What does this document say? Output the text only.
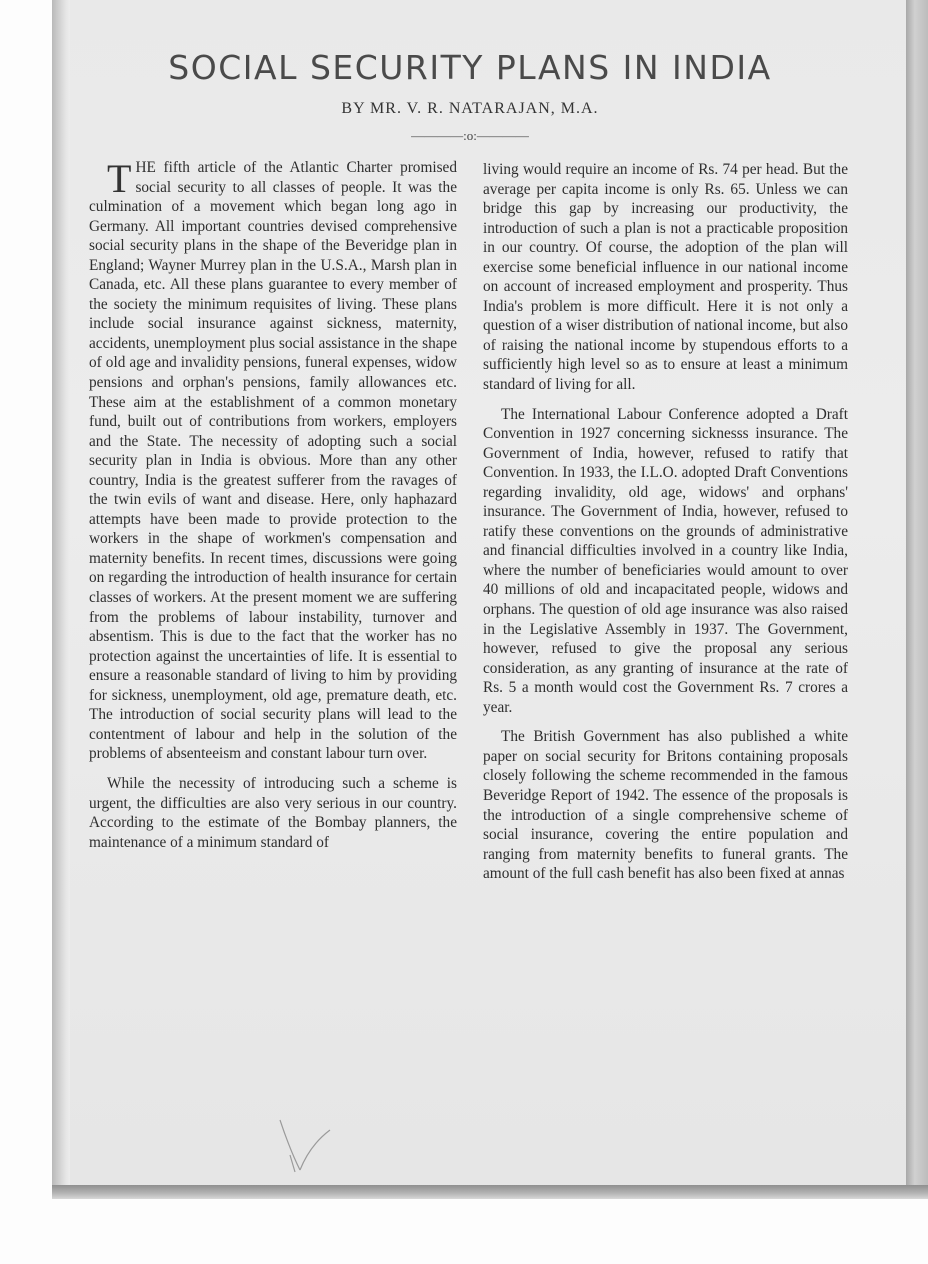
SOCIAL SECURITY PLANS IN INDIA

BY MR. V. R. NATARAJAN, M.A.

————:o:————

THE fifth article of the Atlantic Charter promised social security to all classes of people. It was the culmination of a movement which began long ago in Germany. All important countries devised comprehensive social security plans in the shape of the Beveridge plan in England; Wayner Murrey plan in the U.S.A., Marsh plan in Canada, etc. All these plans guarantee to every member of the society the minimum requisites of living. These plans include social insurance against sickness, maternity, accidents, unemployment plus social assistance in the shape of old age and invalidity pensions, funeral expenses, widow pensions and orphan's pensions, family allowances etc. These aim at the establishment of a common monetary fund, built out of contributions from workers, employers and the State. The necessity of adopting such a social security plan in India is obvious. More than any other country, India is the greatest sufferer from the ravages of the twin evils of want and disease. Here, only haphazard attempts have been made to provide protection to the workers in the shape of workmen's compensation and maternity benefits. In recent times, discussions were going on regarding the introduction of health insurance for certain classes of workers. At the present moment we are suffering from the problems of labour instability, turnover and absentism. This is due to the fact that the worker has no protection against the uncertainties of life. It is essential to ensure a reasonable standard of living to him by providing for sickness, unemployment, old age, premature death, etc. The introduction of social security plans will lead to the contentment of labour and help in the solution of the problems of absenteeism and constant labour turn over.

While the necessity of introducing such a scheme is urgent, the difficulties are also very serious in our country. According to the estimate of the Bombay planners, the maintenance of a minimum standard of

living would require an income of Rs. 74 per head. But the average per capita income is only Rs. 65. Unless we can bridge this gap by increasing our productivity, the introduction of such a plan is not a practicable proposition in our country. Of course, the adoption of the plan will exercise some beneficial influence in our national income on account of increased employment and prosperity. Thus India's problem is more difficult. Here it is not only a question of a wiser distribution of national income, but also of raising the national income by stupendous efforts to a sufficiently high level so as to ensure at least a minimum standard of living for all.

The International Labour Conference adopted a Draft Convention in 1927 concerning sicknesss insurance. The Government of India, however, refused to ratify that Convention. In 1933, the I.L.O. adopted Draft Conventions regarding invalidity, old age, widows' and orphans' insurance. The Government of India, however, refused to ratify these conventions on the grounds of administrative and financial difficulties involved in a country like India, where the number of beneficiaries would amount to over 40 millions of old and incapacitated people, widows and orphans. The question of old age insurance was also raised in the Legislative Assembly in 1937. The Government, however, refused to give the proposal any serious consideration, as any granting of insurance at the rate of Rs. 5 a month would cost the Government Rs. 7 crores a year.

The British Government has also published a white paper on social security for Britons containing proposals closely following the scheme recommended in the famous Beveridge Report of 1942. The essence of the proposals is the introduction of a single comprehensive scheme of social insurance, covering the entire population and ranging from maternity benefits to funeral grants. The amount of the full cash benefit has also been fixed at annas
